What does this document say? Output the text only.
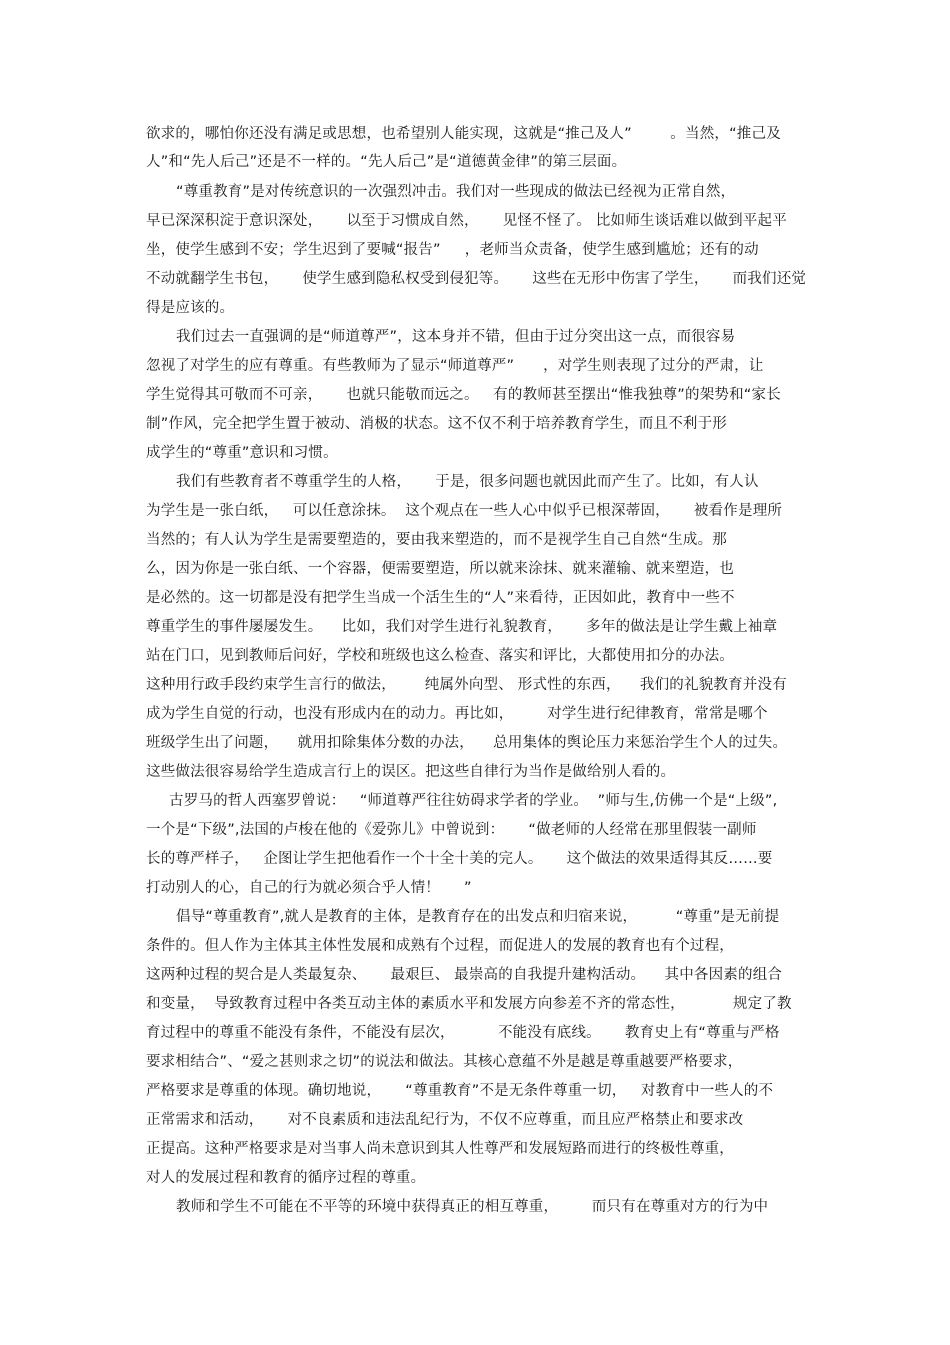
欲求的，哪怕你还没有满足或思想，也希望别人能实现，这就是“推己及人”        。当然，“推己及
人”和“先人后己”还是不一样的。“先人后己”是“道德黄金律”的第三层面。
“尊重教育”是对传统意识的一次强烈冲击。我们对一些现成的做法已经视为正常自然，
早已深深积淀于意识深处，     以至于习惯成自然，     见怪不怪了。 比如师生谈话难以做到平起平
坐，使学生感到不安；学生迟到了要喊“报告”     ，老师当众责备，使学生感到尴尬；还有的动
不动就翻学生书包，     使学生感到隐私权受到侵犯等。     这些在无形中伤害了学生，     而我们还觉
得是应该的。
我们过去一直强调的是“师道尊严”，这本身并不错，但由于过分突出这一点，而很容易
忽视了对学生的应有尊重。有些教师为了显示“师道尊严”      ，对学生则表现了过分的严肃，让
学生觉得其可敬而不可亲，     也就只能敬而远之。   有的教师甚至摆出“惟我独尊”的架势和“家长
制”作风，完全把学生置于被动、消极的状态。这不仅不利于培养教育学生，而且不利于形
成学生的“尊重”意识和习惯。
我们有些教育者不尊重学生的人格，     于是，很多问题也就因此而产生了。比如，有人认
为学生是一张白纸，   可以任意涂抹。  这个观点在一些人心中似乎已根深蒂固，     被看作是理所
当然的；有人认为学生是需要塑造的，要由我来塑造的，而不是视学生自己自然“生成。那
么，因为你是一张白纸、一个容器，便需要塑造，所以就来涂抹、就来灌输、就来塑造，也
是必然的。这一切都是没有把学生当成一个活生生的“人”来看待，正因如此，教育中一些不
尊重学生的事件屡屡发生。    比如，我们对学生进行礼貌教育，     多年的做法是让学生戴上袖章
站在门口，见到教师后问好，学校和班级也这么检查、落实和评比，大都使用扣分的办法。
这种用行政手段约束学生言行的做法，      纯属外向型、 形式性的东西，    我们的礼貌教育并没有
成为学生自觉的行动，也没有形成内在的动力。再比如，       对学生进行纪律教育，常常是哪个
班级学生出了问题，    就用扣除集体分数的办法，    总用集体的舆论压力来惩治学生个人的过失。
这些做法很容易给学生造成言行上的误区。把这些自律行为当作是做给别人看的。
古罗马的哲人西塞罗曾说：   “师道尊严往往妨碍求学者的学业。  ”师与生,仿佛一个是“上级”,
一个是“下级”,法国的卢梭在他的《爱弥儿》中曾说到：     “做老师的人经常在那里假装一副师
长的尊严样子，   企图让学生把他看作一个十全十美的完人。     这个做法的效果适得其反……要
打动别人的心，自己的行为就必须合乎人情！     ”
倡导“尊重教育”,就人是教育的主体，是教育存在的出发点和归宿来说，        “尊重”是无前提
条件的。但人作为主体其主体性发展和成熟有个过程，而促进人的发展的教育也有个过程，
这两种过程的契合是人类最复杂、     最艰巨、 最崇高的自我提升建构活动。    其中各因素的组合
和变量，  导致教育过程中各类互动主体的素质水平和发展方向参差不齐的常态性，          规定了教
育过程中的尊重不能没有条件，不能没有层次，         不能没有底线。     教育史上有“尊重与严格
要求相结合”、“爱之甚则求之切”的说法和做法。其核心意蕴不外是越是尊重越要严格要求，
严格要求是尊重的体现。确切地说，     “尊重教育”不是无条件尊重一切，   对教育中一些人的不
正常需求和活动，     对不良素质和违法乱纪行为，不仅不应尊重，而且应严格禁止和要求改
正提高。这种严格要求是对当事人尚未意识到其人性尊严和发展短路而进行的终极性尊重，
对人的发展过程和教育的循序过程的尊重。
教师和学生不可能在不平等的环境中获得真正的相互尊重，       而只有在尊重对方的行为中
